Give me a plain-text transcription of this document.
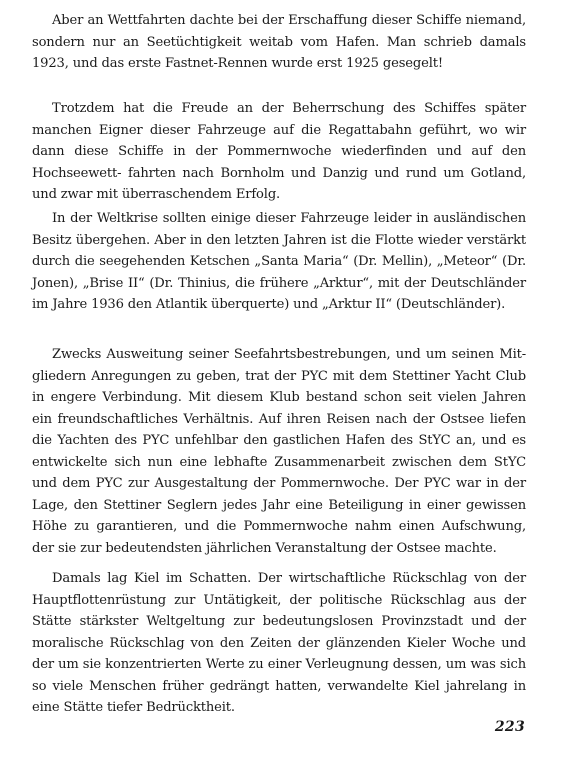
Aber an Wettfahrten dachte bei der Erschaffung dieser Schiffe niemand, sondern nur an Seetüchtigkeit weitab vom Hafen. Man schrieb damals 1923, und das erste Fastnet-Rennen wurde erst 1925 gesegelt!

Trotzdem hat die Freude an der Beherrschung des Schiffes später manchen Eigner dieser Fahrzeuge auf die Regattabahn geführt, wo wir dann diese Schiffe in der Pommernwoche wiederfinden und auf den Hochseewett- fahrten nach Bornholm und Danzig und rund um Gotland, und zwar mit überraschendem Erfolg.

In der Weltkrise sollten einige dieser Fahrzeuge leider in ausländischen Besitz übergehen. Aber in den letzten Jahren ist die Flotte wieder verstärkt durch die seegehenden Ketschen „Santa Maria“ (Dr. Mellin), „Meteor“ (Dr. Jonen), „Brise II“ (Dr. Thinius, die frühere „Arktur“, mit der Deutschländer im Jahre 1936 den Atlantik überquerte) und „Arktur II“ (Deutschländer).

Zwecks Ausweitung seiner Seefahrtsbestrebungen, und um seinen Mit- gliedern Anregungen zu geben, trat der PYC mit dem Stettiner Yacht Club in engere Verbindung. Mit diesem Klub bestand schon seit vielen Jahren ein freundschaftliches Verhältnis. Auf ihren Reisen nach der Ostsee liefen die Yachten des PYC unfehlbar den gastlichen Hafen des StYC an, und es entwickelte sich nun eine lebhafte Zusammenarbeit zwischen dem StYC und dem PYC zur Ausgestaltung der Pommernwoche. Der PYC war in der Lage, den Stettiner Seglern jedes Jahr eine Beteiligung in einer gewissen Höhe zu garantieren, und die Pommernwoche nahm einen Aufschwung, der sie zur bedeutendsten jährlichen Veranstaltung der Ostsee machte.

Damals lag Kiel im Schatten. Der wirtschaftliche Rückschlag von der Hauptflottenrüstung zur Untätigkeit, der politische Rückschlag aus der Stätte stärkster Weltgeltung zur bedeutungslosen Provinzstadt und der moralische Rückschlag von den Zeiten der glänzenden Kieler Woche und der um sie konzentrierten Werte zu einer Verleugnung dessen, um was sich so viele Menschen früher gedrängt hatten, verwandelte Kiel jahrelang in eine Stätte tiefer Bedrücktheit.

223
